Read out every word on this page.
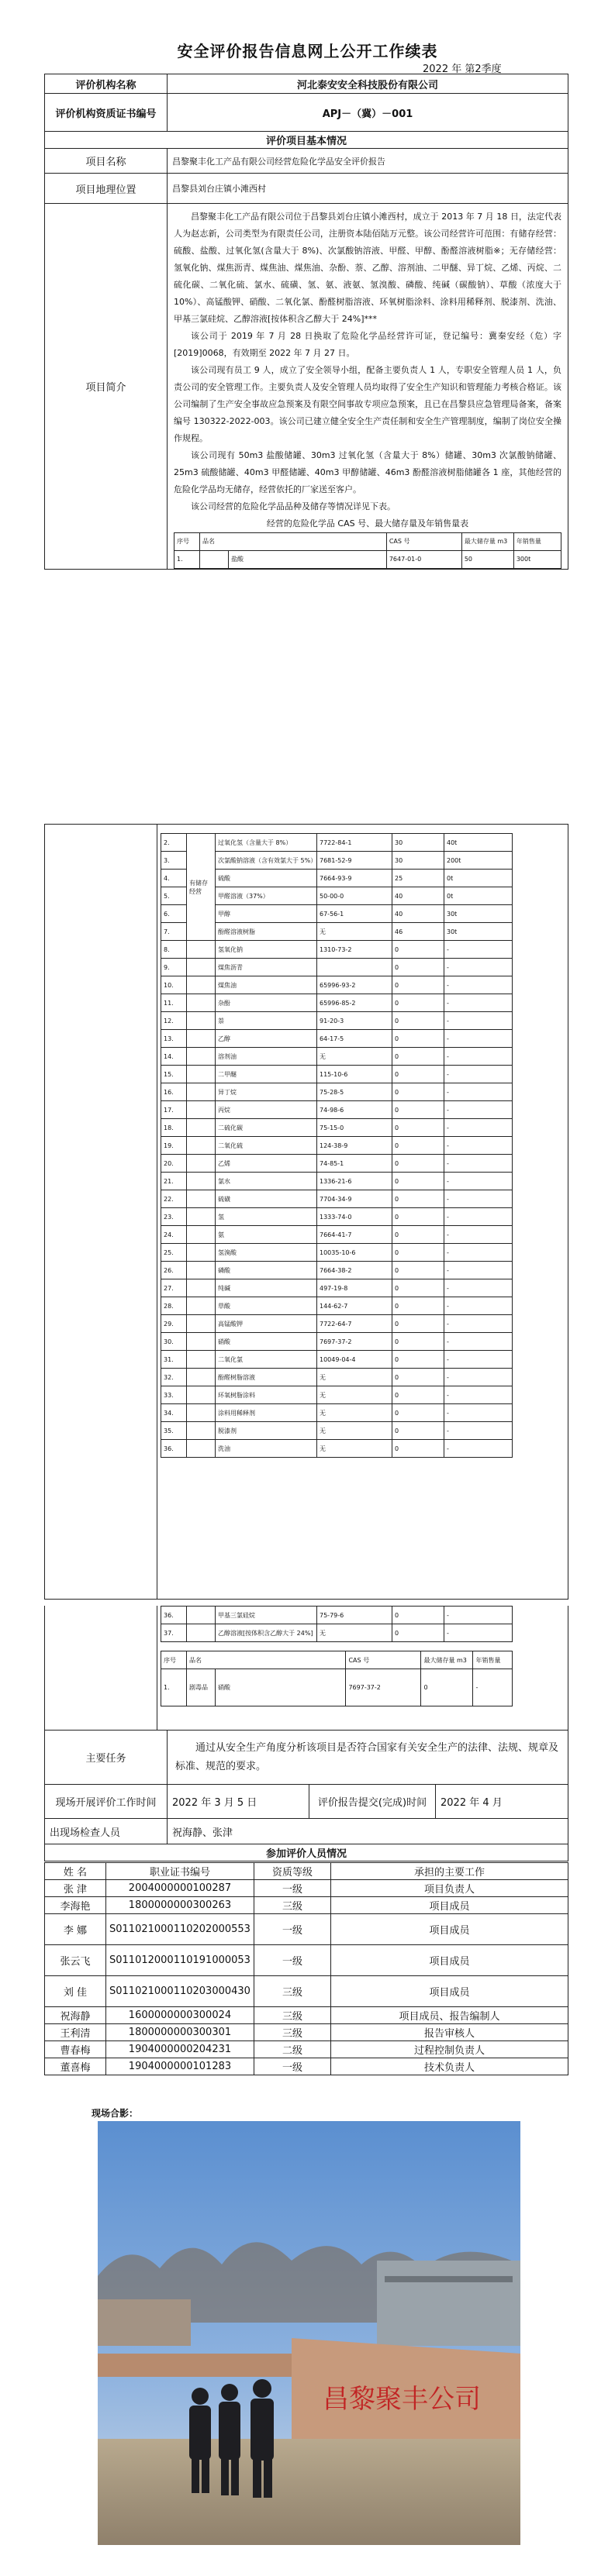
安全评价报告信息网上公开工作续表
2022 年 第2季度
评价机构名称	河北泰安安全科技股份有限公司
评价机构资质证书编号	APJ－（冀）－001
评价项目基本情况
项目名称	昌黎聚丰化工产品有限公司经营危险化学品安全评价报告
项目地理位置	昌黎县刘台庄镇小滩西村
项目简介	

昌黎聚丰化工产品有限公司位于昌黎县刘台庄镇小滩西村，成立于 2013 年 7 月 18 日，法定代表人为赵志新，公司类型为有限责任公司，注册资本陆佰陆万元整。该公司经营许可范围：有储存经营：硫酸、盐酸、过氧化氢(含量大于 8%)、次氯酸钠溶液、甲醛、甲醇、酚醛溶液树脂※；无存储经营：氢氧化钠、煤焦沥青、煤焦油、煤焦油、杂酚、萘、乙醇、溶剂油、二甲醚、异丁烷、乙烯、丙烷、二硫化碳、二氧化硫、氯水、硫磺、氢、氨、液氨、氢溴酸、磷酸、纯碱（碳酸钠）、草酸（浓度大于 10%）、高锰酸钾、硝酸、二氧化氯、酚醛树脂溶液、环氧树脂涂料、涂料用稀释剂、脱漆剂、洗油、甲基三氯硅烷、乙醇溶液[按体积含乙醇大于 24%]***

该公司于 2019 年 7 月 28 日换取了危险化学品经营许可证，登记编号：冀秦安经（危）字[2019]0068，有效期至 2022 年 7 月 27 日。

该公司现有员工 9 人，成立了安全领导小组，配备主要负责人 1 人，专职安全管理人员 1 人，负责公司的安全管理工作。主要负责人及安全管理人员均取得了安全生产知识和管理能力考核合格证。该公司编制了生产安全事故应急预案及有限空间事故专项应急预案，且已在昌黎县应急管理局备案，备案编号 130322-2022-003。该公司已建立健全安全生产责任制和安全生产管理制度，编制了岗位安全操作规程。

该公司现有 50m3 盐酸储罐、30m3 过氧化氢（含量大于 8%）储罐、30m3 次氯酸钠储罐、25m3 硫酸储罐、40m3 甲醛储罐、40m3 甲醇储罐、46m3 酚醛溶液树脂储罐各 1 座，其他经营的危险化学品均无储存，经营依托的厂家送至客户。

该公司经营的危险化学品品种及储存等情况详见下表。

经营的危险化学品 CAS 号、最大储存量及年销售量表

序号	品名	CAS 号	最大储存量 m3	年销售量
1.		盐酸	7647-01-0	50	300t
2.	有储存经营	过氧化氢（含量大于 8%）	7722-84-1	30	40t
3.		次氯酸钠溶液（含有效氯大于 5%）	7681-52-9	30	200t
4.		硫酸	7664-93-9	25	0t
5.		甲醛溶液（37%）	50-00-0	40	0t
6.		甲醇	67-56-1	40	30t
7.		酚醛溶液树脂	无	46	30t
8.		氢氧化钠	1310-73-2	0	-
9.		煤焦沥青		0	-
10.		煤焦油	65996-93-2	0	-
11.		杂酚	65996-85-2	0	-
12.		萘	91-20-3	0	-
13.		乙醇	64-17-5	0	-
14.		溶剂油	无	0	-
15.		二甲醚	115-10-6	0	-
16.		异丁烷	75-28-5	0	-
17.		丙烷	74-98-6	0	-
18.		二硫化碳	75-15-0	0	-
19.		二氧化硫	124-38-9	0	-
20.		乙烯	74-85-1	0	-
21.		氯水	1336-21-6	0	-
22.		硫磺	7704-34-9	0	-
23.		氢	1333-74-0	0	-
24.		氨	7664-41-7	0	-
25.		氢溴酸	10035-10-6	0	-
26.		磷酸	7664-38-2	0	-
27.		纯碱	497-19-8	0	-
28.		草酸	144-62-7	0	-
29.		高锰酸钾	7722-64-7	0	-
30.		硝酸	7697-37-2	0	-
31.		二氧化氯	10049-04-4	0	-
32.		酚醛树脂溶液	无	0	-
33.		环氧树脂涂料	无	0	-
34.		涂料用稀释剂	无	0	-
35.		脱漆剂	无	0	-
36.		洗油	无	0	-
36.		甲基三氯硅烷	75-79-6	0	-
37.		乙醇溶液[按体积含乙醇大于 24%]	无	0	-
序号	品名		CAS 号	最大储存量 m3	年销售量
1.	剧毒品	硝酸	7697-37-2	0	-
主要任务	通过从安全生产角度分析该项目是否符合国家有关安全生产的法律、法规、规章及标准、规范的要求。		
现场开展评价工作时间	2022 年 3 月 5 日	评价报告提交(完成)时间	2022 年 4 月
出现场检查人员	祝海静、张津		
参加评价人员情况			
姓 名	职业证书编号	资质等级	承担的主要工作
张 津	2004000000100287	一级	项目负责人
李海艳	1800000000300263	三级	项目成员
李 娜	S011021000110202000553	一级	项目成员
张云飞	S011012000110191000053	一级	项目成员
刘 佳	S011021000110203000430	三级	项目成员
祝海静	1600000000300024	三级	项目成员、报告编制人
王利清	1800000000300301	三级	报告审核人
曹春梅	1904000000204231	二级	过程控制负责人
董喜梅	1904000000101283	一级	技术负责人
现场合影：
昌黎聚丰公司
